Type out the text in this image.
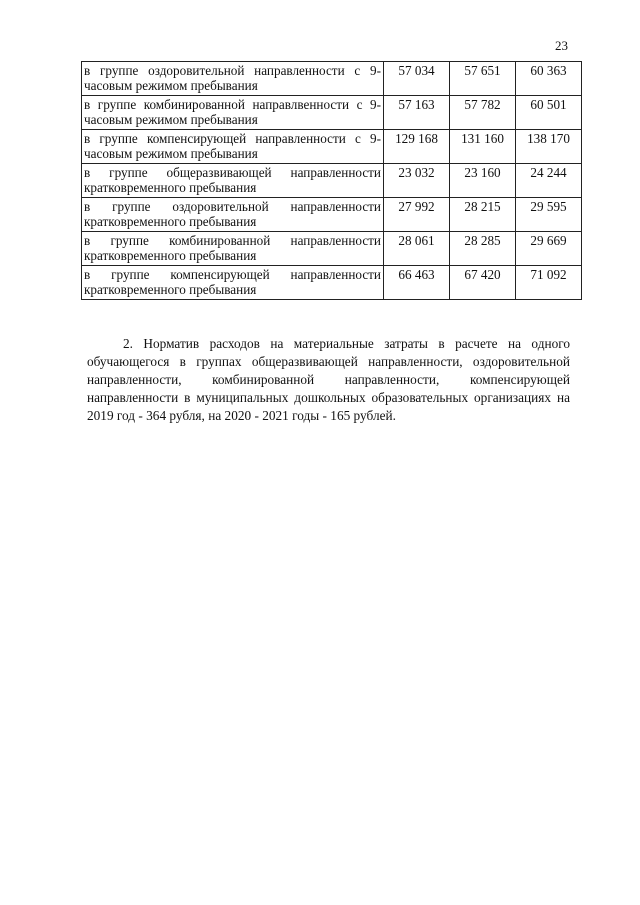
23
в группе оздоровительной направленности с 9-часовым режимом пребывания	57 034	57 651	60 363
в группе комбинированной направлвенности с 9-часовым режимом пребывания	57 163	57 782	60 501
в группе компенсирующей направленности с 9-часовым режимом пребывания	129 168	131 160	138 170
в группе общеразвивающей направленности кратковременного пребывания	23 032	23 160	24 244
в группе оздоровительной направленности кратковременного пребывания	27 992	28 215	29 595
в группе комбинированной направленности кратковременного пребывания	28 061	28 285	29 669
в группе компенсирующей направленности кратковременного пребывания	66 463	67 420	71 092

2. Норматив расходов на материальные затраты в расчете на одного обучающегося в группах общеразвивающей направленности, оздоровительной направленности, комбинированной направленности, компенсирующей направленности в муниципальных дошкольных образовательных организациях на 2019 год - 364 рубля, на 2020 - 2021 годы - 165 рублей.
